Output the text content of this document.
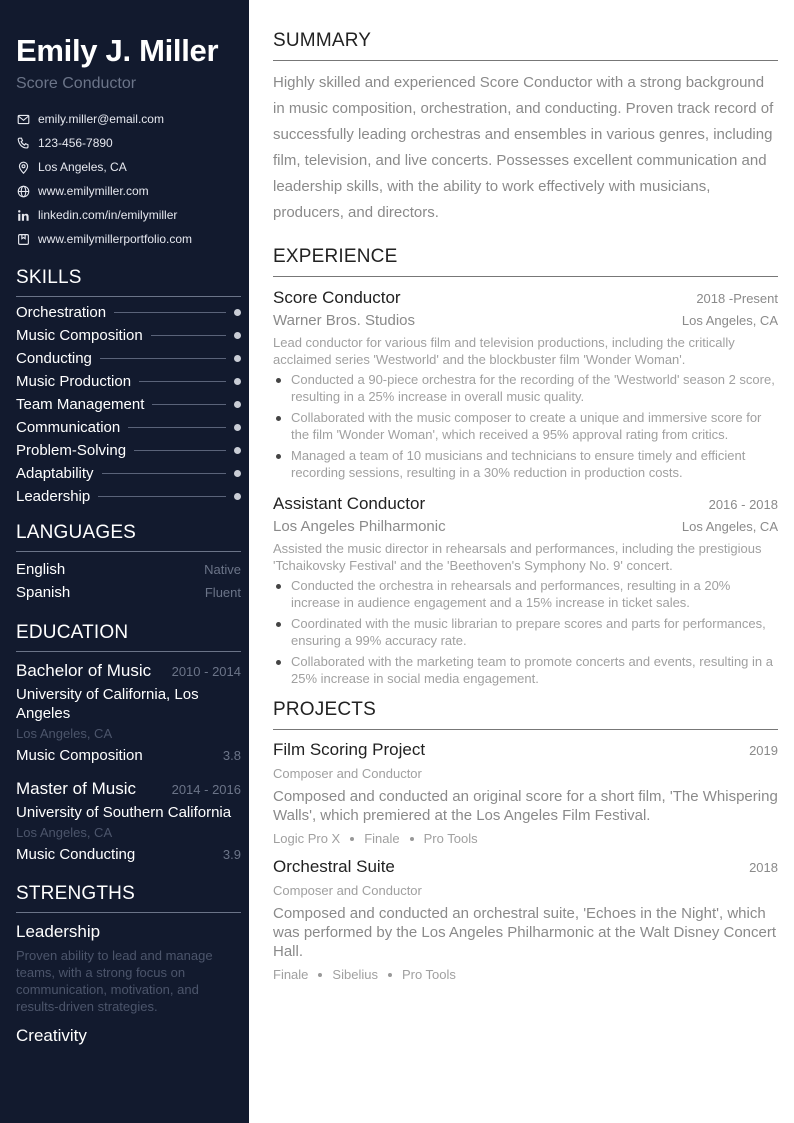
Emily J. Miller
Score Conductor
emily.miller@email.com
123-456-7890
Los Angeles, CA
www.emilymiller.com
linkedin.com/in/emilymiller
www.emilymillerportfolio.com
SKILLS
Orchestration
Music Composition
Conducting
Music Production
Team Management
Communication
Problem-Solving
Adaptability
Leadership
LANGUAGES
English	Native
Spanish	Fluent
EDUCATION
Bachelor of Music 2010 - 2014
University of California, Los Angeles
Los Angeles, CA
Music Composition	3.8
Master of Music	2014 - 2016
University of Southern California
Los Angeles, CA
Music Conducting	3.9
STRENGTHS
Leadership
Proven ability to lead and manage teams, with a strong focus on communication, motivation, and results-driven strategies.
Creativity
SUMMARY

Highly skilled and experienced Score Conductor with a strong background in music composition, orchestration, and conducting. Proven track record of successfully leading orchestras and ensembles in various genres, including film, television, and live concerts. Possesses excellent communication and leadership skills, with the ability to work effectively with musicians, producers, and directors.

EXPERIENCE
Score Conductor	2018 -Present
Warner Bros. Studios	Los Angeles, CA
Lead conductor for various film and television productions, including the critically acclaimed series 'Westworld' and the blockbuster film 'Wonder Woman'.
Conducted a 90-piece orchestra for the recording of the 'Westworld' season 2 score, resulting in a 25% increase in overall music quality.
Collaborated with the music composer to create a unique and immersive score for the film 'Wonder Woman', which received a 95% approval rating from critics.
Managed a team of 10 musicians and technicians to ensure timely and efficient recording sessions, resulting in a 30% reduction in production costs.
Assistant Conductor	2016 - 2018
Los Angeles Philharmonic	Los Angeles, CA
Assisted the music director in rehearsals and performances, including the prestigious 'Tchaikovsky Festival' and the 'Beethoven's Symphony No. 9' concert.
Conducted the orchestra in rehearsals and performances, resulting in a 20% increase in audience engagement and a 15% increase in ticket sales.
Coordinated with the music librarian to prepare scores and parts for performances, ensuring a 99% accuracy rate.
Collaborated with the marketing team to promote concerts and events, resulting in a 25% increase in social media engagement.
PROJECTS
Film Scoring Project	2019
Composer and Conductor
Composed and conducted an original score for a short film, 'The Whispering Walls', which premiered at the Los Angeles Film Festival.
Logic Pro X Finale Pro Tools
Orchestral Suite	2018
Composer and Conductor
Composed and conducted an orchestral suite, 'Echoes in the Night', which was performed by the Los Angeles Philharmonic at the Walt Disney Concert Hall.
Finale Sibelius Pro Tools
